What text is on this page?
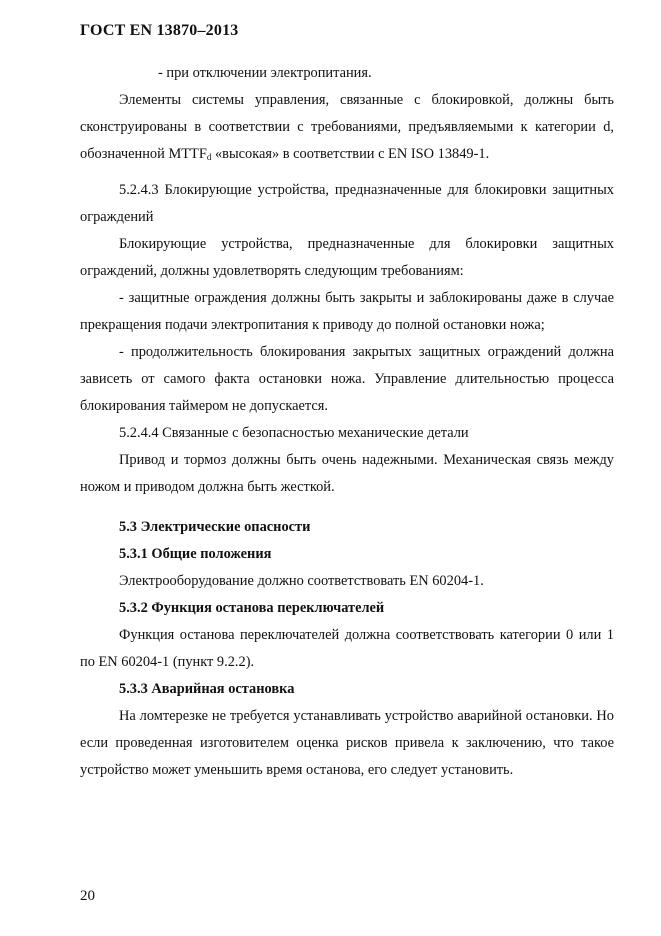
ГОСТ EN 13870–2013

- при отключении электропитания.

Элементы системы управления, связанные с блокировкой, должны быть сконструированы в соответствии с требованиями, предъявляемыми к категории d, обозначенной $MTTF_d$ «высокая» в соответствии с EN ISO 13849-1.

5.2.4.3 Блокирующие устройства, предназначенные для блокировки защитных ограждений

Блокирующие устройства, предназначенные для блокировки защитных ограждений, должны удовлетворять следующим требованиям:

- защитные ограждения должны быть закрыты и заблокированы даже в случае прекращения подачи электропитания к приводу до полной остановки ножа;

- продолжительность блокирования закрытых защитных ограждений должна зависеть от самого факта остановки ножа. Управление длительностью процесса блокирования таймером не допускается.

5.2.4.4 Связанные с безопасностью механические детали

Привод и тормоз должны быть очень надежными. Механическая связь между ножом и приводом должна быть жесткой.

5.3 Электрические опасности

5.3.1 Общие положения

Электрооборудование должно соответствовать EN 60204-1.

5.3.2 Функция останова переключателей

Функция останова переключателей должна соответствовать категории 0 или 1 по EN 60204-1 (пункт 9.2.2).

5.3.3 Аварийная остановка

На ломтерезке не требуется устанавливать устройство аварийной остановки. Но если проведенная изготовителем оценка рисков привела к заключению, что такое устройство может уменьшить время останова, его следует установить.

20
